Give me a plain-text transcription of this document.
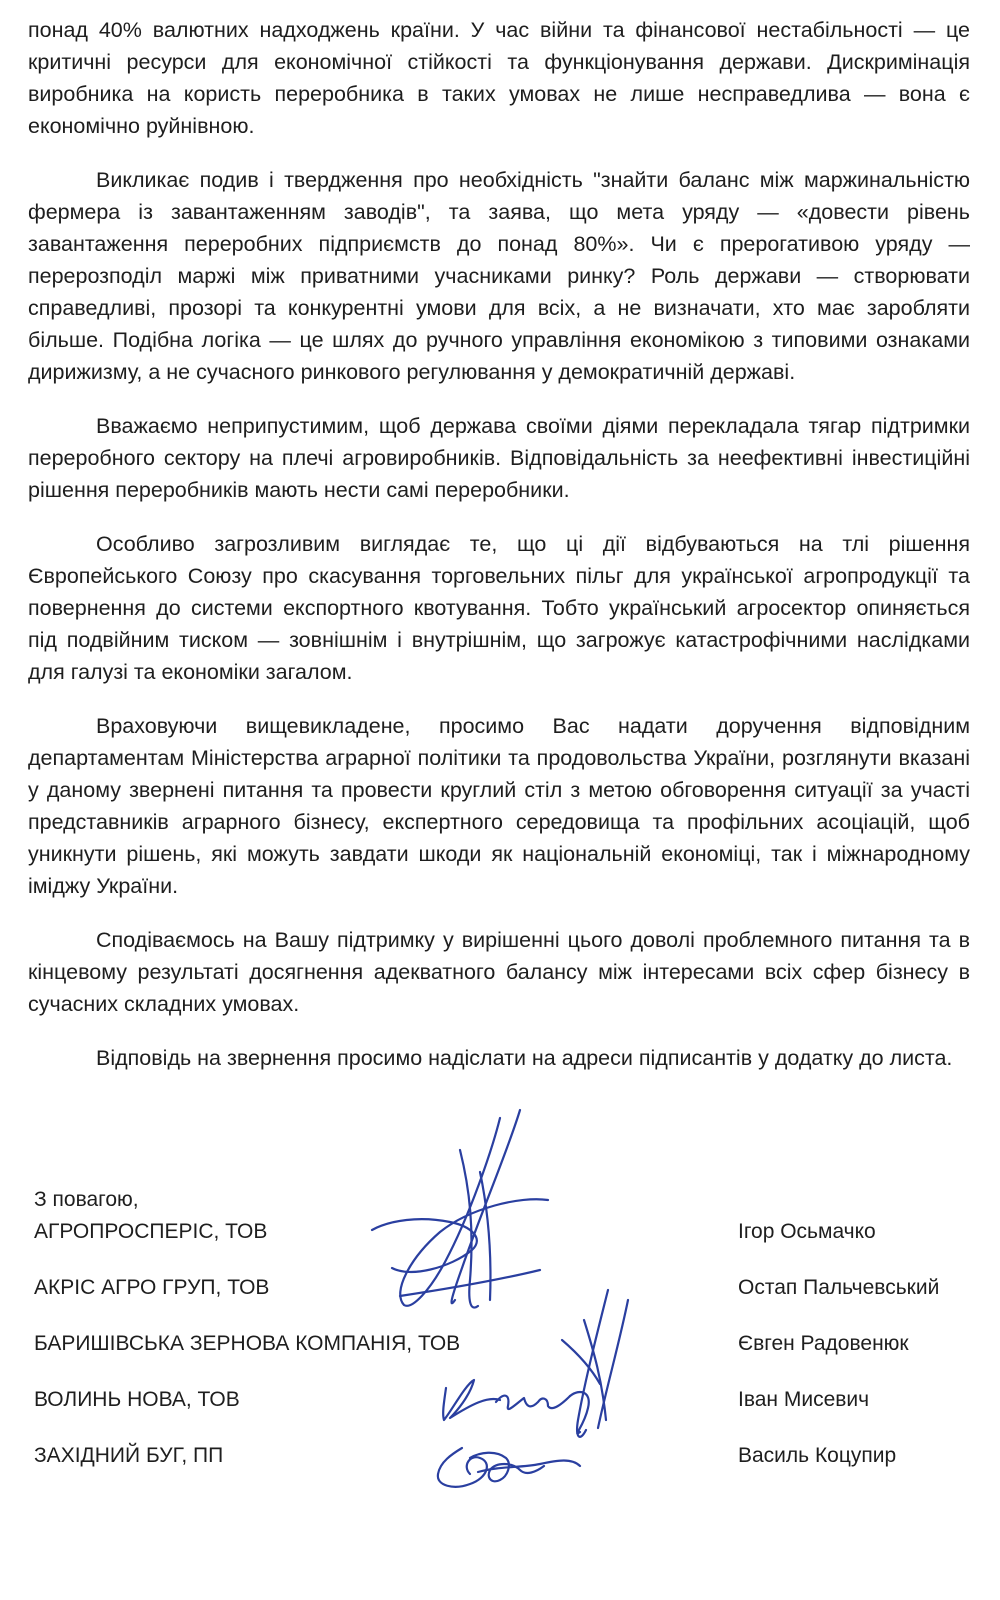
понад 40% валютних надходжень країни. У час війни та фінансової нестабільності — це критичні ресурси для економічної стійкості та функціонування держави. Дискримінація виробника на користь переробника в таких умовах не лише несправедлива — вона є економічно руйнівною.

Викликає подив і твердження про необхідність "знайти баланс між маржинальністю фермера із завантаженням заводів", та заява, що мета уряду — «довести рівень завантаження переробних підприємств до понад 80%». Чи є прерогативою уряду — перерозподіл маржі між приватними учасниками ринку? Роль держави — створювати справедливі, прозорі та конкурентні умови для всіх, а не визначати, хто має заробляти більше. Подібна логіка — це шлях до ручного управління економікою з типовими ознаками дирижизму, а не сучасного ринкового регулювання у демократичній державі.

Вважаємо неприпустимим, щоб держава своїми діями перекладала тягар підтримки переробного сектору на плечі агровиробників. Відповідальність за неефективні інвестиційні рішення переробників мають нести самі переробники.

Особливо загрозливим виглядає те, що ці дії відбуваються на тлі рішення Європейського Союзу про скасування торговельних пільг для української агропродукції та повернення до системи експортного квотування. Тобто український агросектор опиняється під подвійним тиском — зовнішнім і внутрішнім, що загрожує катастрофічними наслідками для галузі та економіки загалом.

Враховуючи вищевикладене, просимо Вас надати доручення відповідним департаментам Міністерства аграрної політики та продовольства України, розглянути вказані у даному звернені питання та провести круглий стіл з метою обговорення ситуації за участі представників аграрного бізнесу, експертного середовища та профільних асоціацій, щоб уникнути рішень, які можуть завдати шкоди як національній економіці, так і міжнародному іміджу України.

Сподіваємось на Вашу підтримку у вирішенні цього доволі проблемного питання та в кінцевому результаті досягнення адекватного балансу між інтересами всіх сфер бізнесу в сучасних складних умовах.

Відповідь на звернення просимо надіслати на адреси підписантів у додатку до листа.

З повагою,
АГРОПРОСПЕРІС, ТОВ	Ігор Осьмачко
АКРІС АГРО ГРУП, ТОВ	Остап Пальчевський
БАРИШІВСЬКА ЗЕРНОВА КОМПАНІЯ, ТОВ	Євген Радовенюк
ВОЛИНЬ НОВА, ТОВ	Іван Мисевич
ЗАХІДНИЙ БУГ, ПП	Василь Коцупир
